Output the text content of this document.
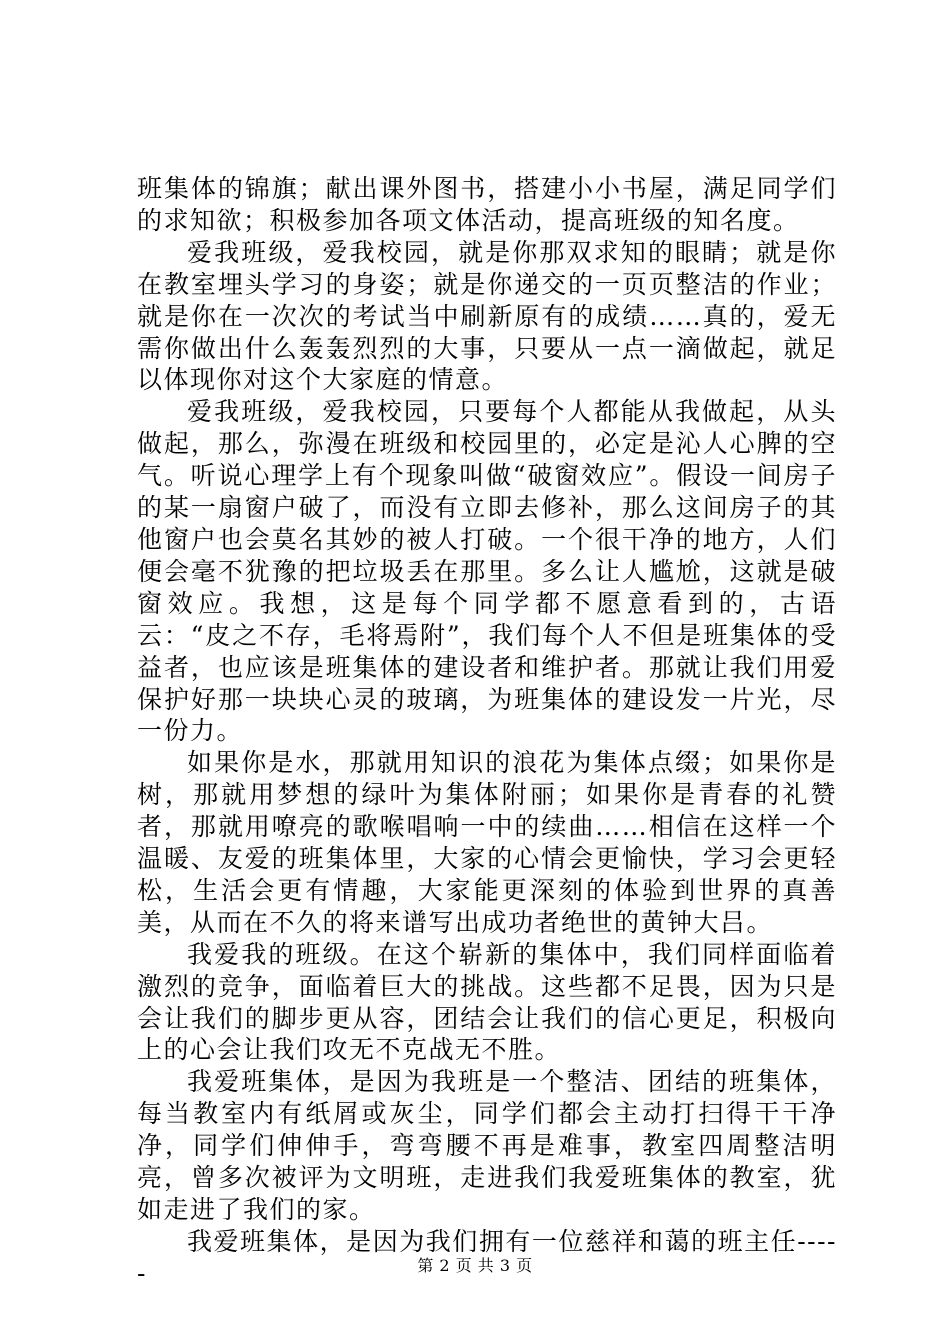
班集体的锦旗；献出课外图书，搭建小小书屋，满足同学们的求知欲；积极参加各项文体活动，提高班级的知名度。

爱我班级，爱我校园，就是你那双求知的眼睛；就是你在教室埋头学习的身姿；就是你递交的一页页整洁的作业；就是你在一次次的考试当中刷新原有的成绩……真的，爱无需你做出什么轰轰烈烈的大事，只要从一点一滴做起，就足以体现你对这个大家庭的情意。

爱我班级，爱我校园，只要每个人都能从我做起，从头做起，那么，弥漫在班级和校园里的，必定是沁人心脾的空气。听说心理学上有个现象叫做“破窗效应”。假设一间房子的某一扇窗户破了，而没有立即去修补，那么这间房子的其他窗户也会莫名其妙的被人打破。一个很干净的地方，人们便会毫不犹豫的把垃圾丢在那里。多么让人尴尬，这就是破窗效应。我想，这是每个同学都不愿意看到的，古语云：“皮之不存，毛将焉附”，我们每个人不但是班集体的受益者，也应该是班集体的建设者和维护者。那就让我们用爱保护好那一块块心灵的玻璃，为班集体的建设发一片光，尽一份力。

如果你是水，那就用知识的浪花为集体点缀；如果你是树，那就用梦想的绿叶为集体附丽；如果你是青春的礼赞者，那就用嘹亮的歌喉唱响一中的续曲……相信在这样一个温暖、友爱的班集体里，大家的心情会更愉快，学习会更轻松，生活会更有情趣，大家能更深刻的体验到世界的真善美，从而在不久的将来谱写出成功者绝世的黄钟大吕。

我爱我的班级。在这个崭新的集体中，我们同样面临着激烈的竞争，面临着巨大的挑战。这些都不足畏，因为只是会让我们的脚步更从容，团结会让我们的信心更足，积极向上的心会让我们攻无不克战无不胜。

我爱班集体，是因为我班是一个整洁、团结的班集体，每当教室内有纸屑或灰尘，同学们都会主动打扫得干干净净，同学们伸伸手，弯弯腰不再是难事，教室四周整洁明亮，曾多次被评为文明班，走进我们我爱班集体的教室，犹如走进了我们的家。

我爱班集体，是因为我们拥有一位慈祥和蔼的班主任-----	第 2 页 共 3 页
